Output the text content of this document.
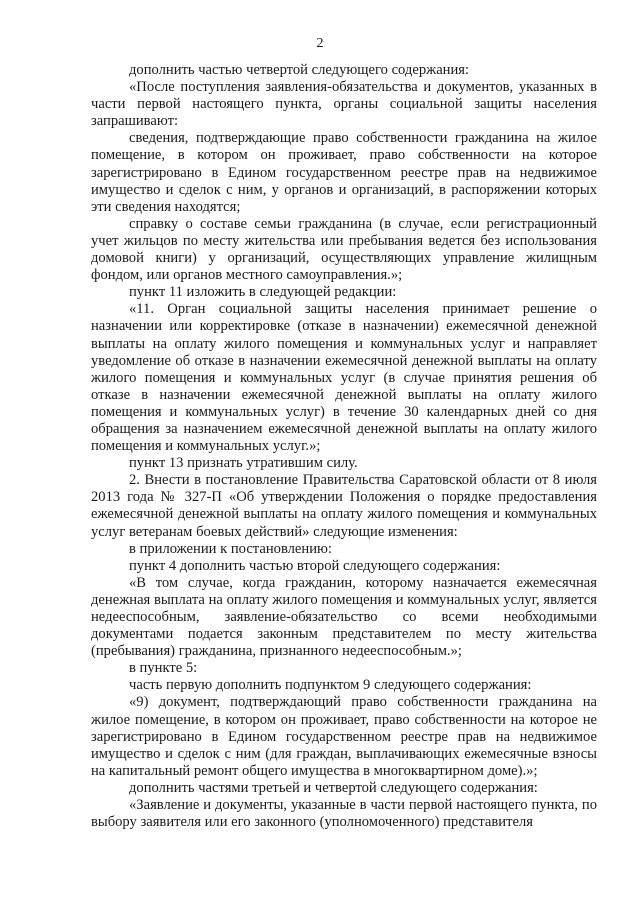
2

дополнить частью четвертой следующего содержания:

«После поступления заявления-обязательства и документов, указанных в части первой настоящего пункта, органы социальной защиты населения запрашивают:

сведения, подтверждающие право собственности гражданина на жилое помещение, в котором он проживает, право собственности на которое зарегистрировано в Едином государственном реестре прав на недвижимое имущество и сделок с ним, у органов и организаций, в распоряжении которых эти сведения находятся;

справку о составе семьи гражданина (в случае, если регистрационный учет жильцов по месту жительства или пребывания ведется без использования домовой книги) у организаций, осуществляющих управление жилищным фондом, или органов местного самоуправления.»;

пункт 11 изложить в следующей редакции:

«11. Орган социальной защиты населения принимает решение о назначении или корректировке (отказе в назначении) ежемесячной денежной выплаты на оплату жилого помещения и коммунальных услуг и направляет уведомление об отказе в назначении ежемесячной денежной выплаты на оплату жилого помещения и коммунальных услуг (в случае принятия решения об отказе в назначении ежемесячной денежной выплаты на оплату жилого помещения и коммунальных услуг) в течение 30 календарных дней со дня обращения за назначением ежемесячной денежной выплаты на оплату жилого помещения и коммунальных услуг.»;

пункт 13 признать утратившим силу.

2. Внести в постановление Правительства Саратовской области от 8 июля 2013 года № 327-П «Об утверждении Положения о порядке предоставления ежемесячной денежной выплаты на оплату жилого помещения и коммунальных услуг ветеранам боевых действий» следующие изменения:

в приложении к постановлению:

пункт 4 дополнить частью второй следующего содержания:

«В том случае, когда гражданин, которому назначается ежемесячная денежная выплата на оплату жилого помещения и коммунальных услуг, является недееспособным, заявление-обязательство со всеми необходимыми документами подается законным представителем по месту жительства (пребывания) гражданина, признанного недееспособным.»;

в пункте 5:

часть первую дополнить подпунктом 9 следующего содержания:

«9) документ, подтверждающий право собственности гражданина на жилое помещение, в котором он проживает, право собственности на которое не зарегистрировано в Едином государственном реестре прав на недвижимое имущество и сделок с ним (для граждан, выплачивающих ежемесячные взносы на капитальный ремонт общего имущества в многоквартирном доме).»;

дополнить частями третьей и четвертой следующего содержания:

«Заявление и документы, указанные в части первой настоящего пункта, по выбору заявителя или его законного (уполномоченного) представителя
